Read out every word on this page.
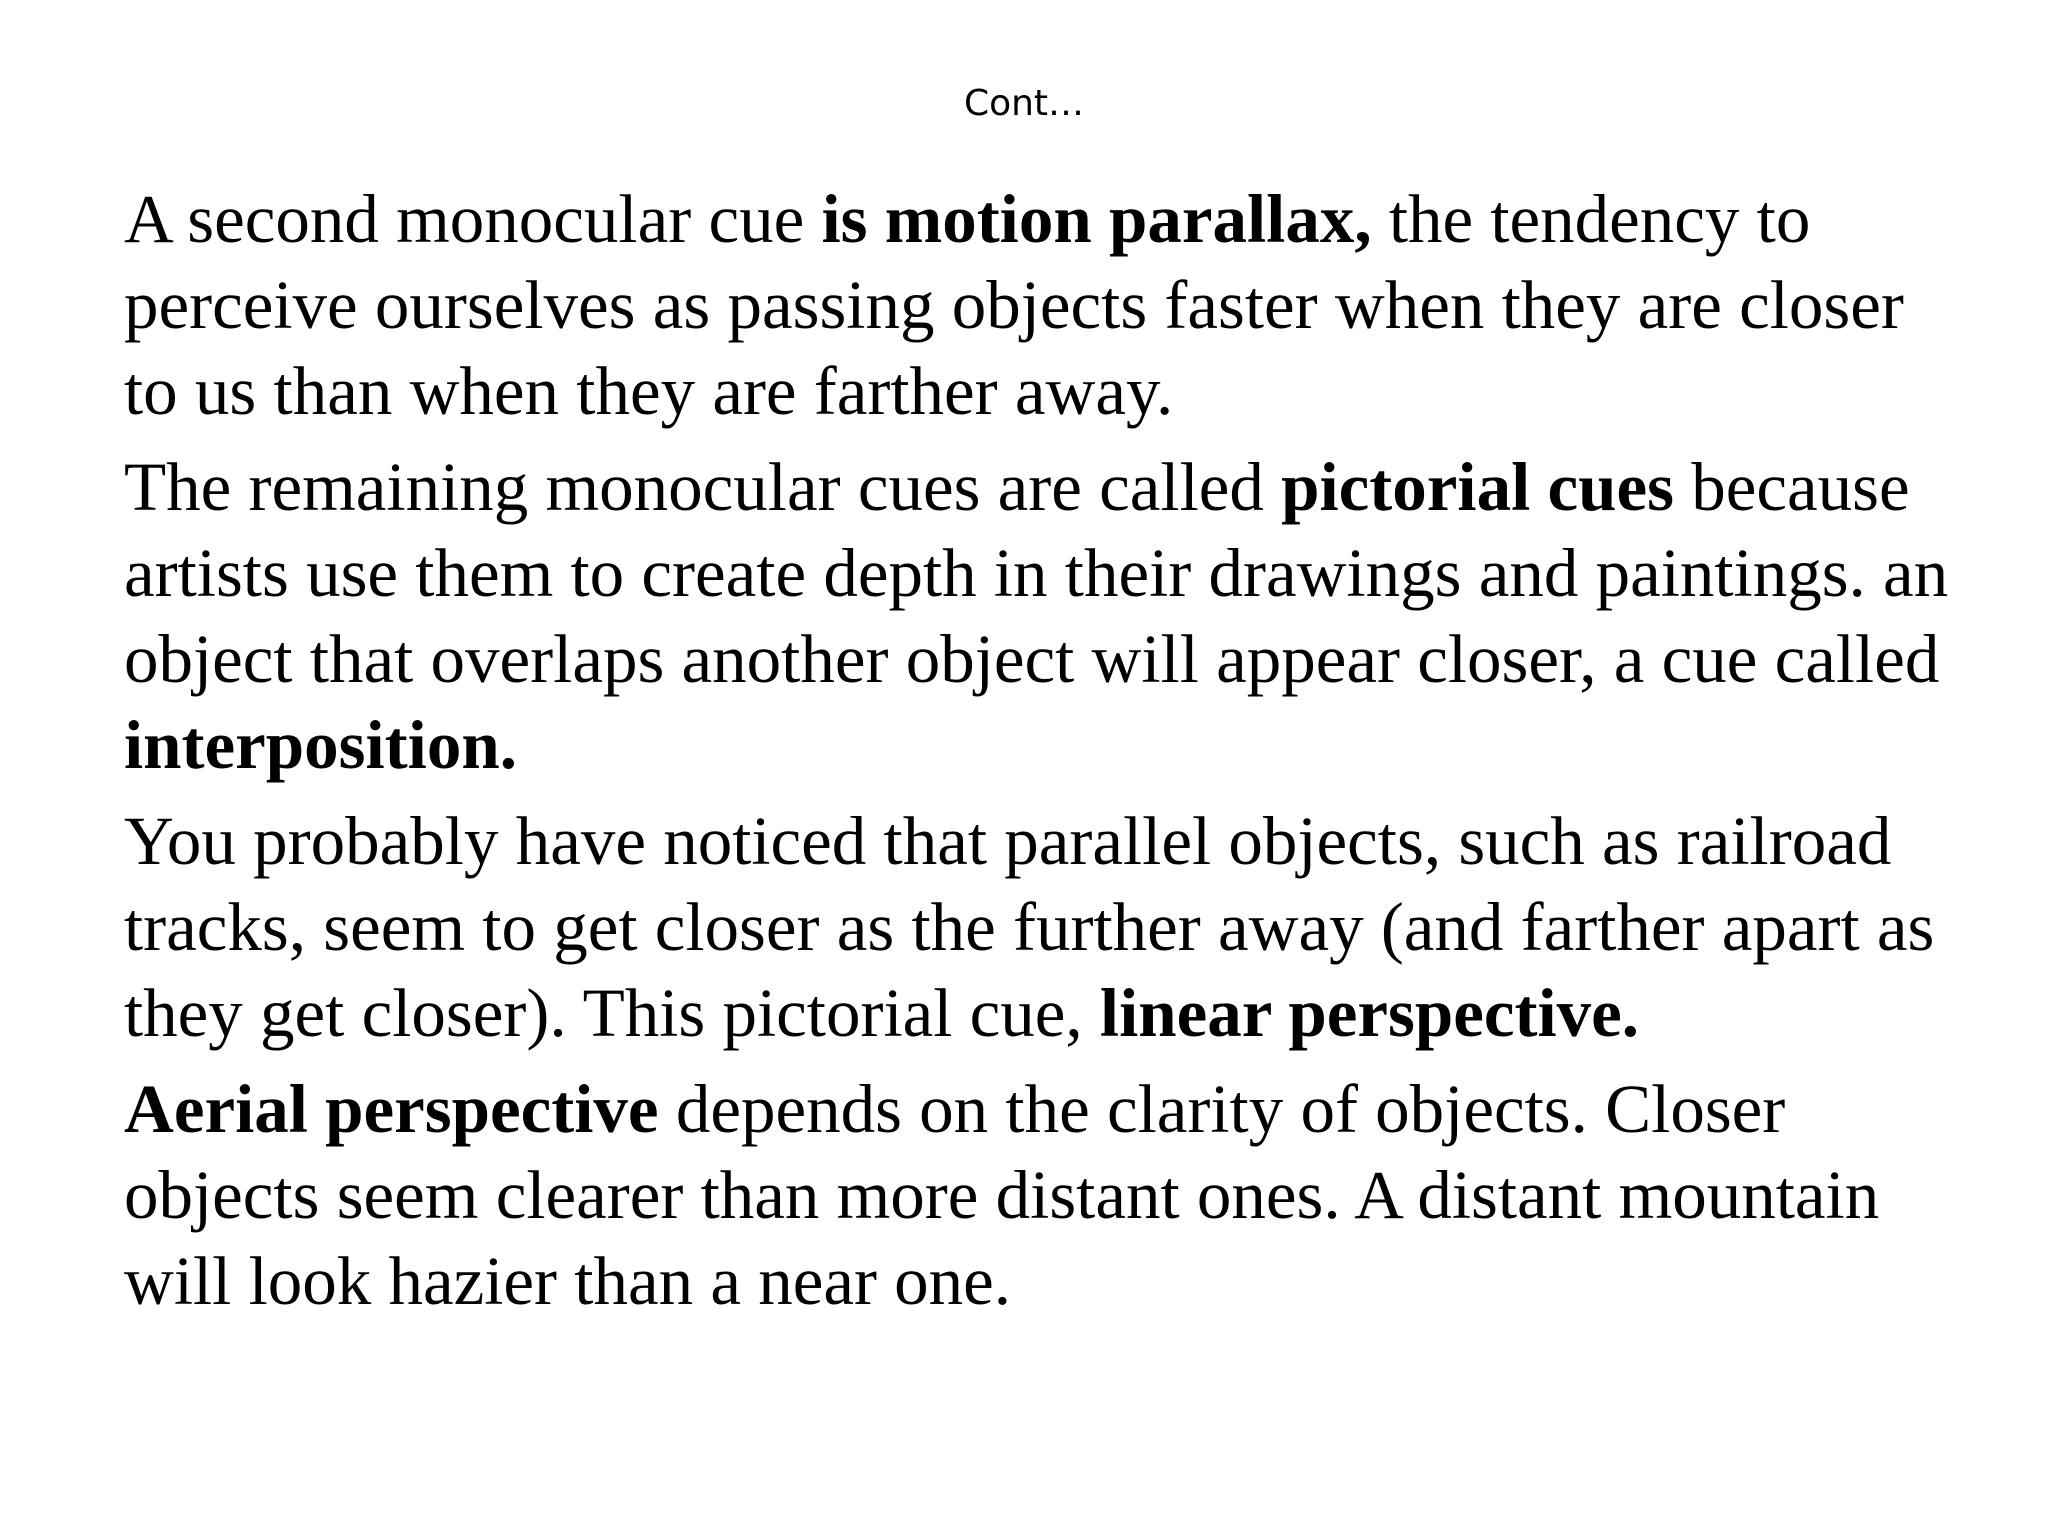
Cont…

A second monocular cue is motion parallax, the tendency to perceive ourselves as passing objects faster when they are closer to us than when they are farther away.

The remaining monocular cues are called pictorial cues because artists use them to create depth in their drawings and paintings. an object that overlaps another object will appear closer, a cue called interposition.

You probably have noticed that parallel objects, such as railroad tracks, seem to get closer as the further away (and farther apart as they get closer). This pictorial cue, linear perspective.

Aerial perspective depends on the clarity of objects. Closer objects seem clearer than more distant ones. A distant mountain will look hazier than a near one.
